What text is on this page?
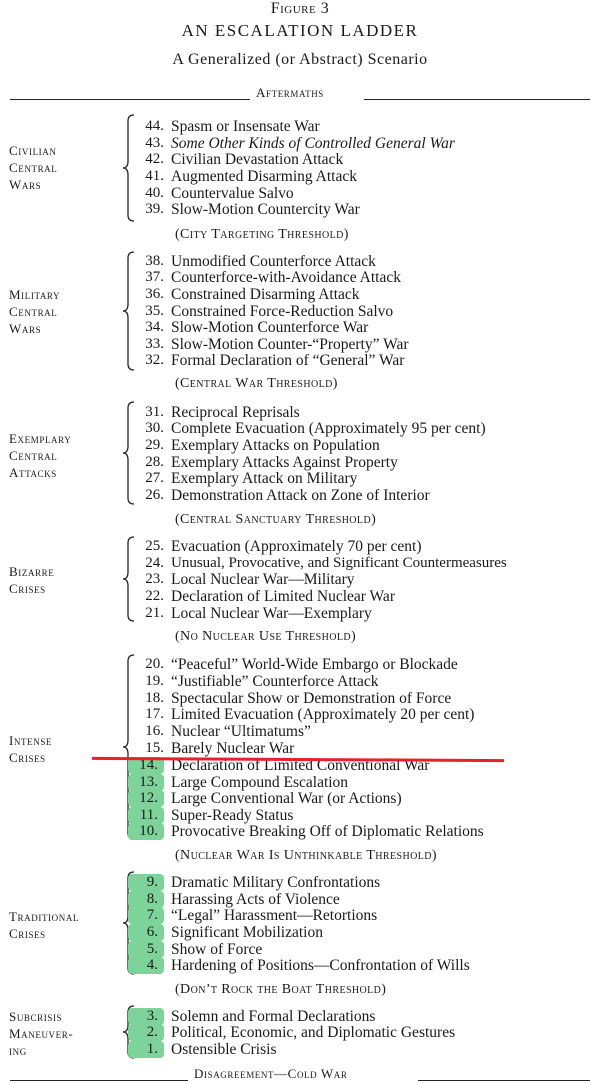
Figure 3
AN ESCALATION LADDER
A Generalized (or Abstract) Scenario
Aftermaths
Civilian
Central
Wars
Military
Central
Wars
Exemplary
Central
Attacks
Bizarre
Crises
Intense
Crises
Traditional
Crises
Subcrisis
Maneuver-
ing
(City Targeting Threshold)
(Central War Threshold)
(Central Sanctuary Threshold)
(No Nuclear Use Threshold)
(Nuclear War Is Unthinkable Threshold)
(Don’t Rock the Boat Threshold)
44. Spasm or Insensate War
43. Some Other Kinds of Controlled General War
42. Civilian Devastation Attack
41. Augmented Disarming Attack
40. Countervalue Salvo
39. Slow-Motion Countercity War
38. Unmodified Counterforce Attack
37. Counterforce-with-Avoidance Attack
36. Constrained Disarming Attack
35. Constrained Force-Reduction Salvo
34. Slow-Motion Counterforce War
33. Slow-Motion Counter-“Property” War
32. Formal Declaration of “General” War
31. Reciprocal Reprisals
30. Complete Evacuation (Approximately 95 per cent)
29. Exemplary Attacks on Population
28. Exemplary Attacks Against Property
27. Exemplary Attack on Military
26. Demonstration Attack on Zone of Interior
25. Evacuation (Approximately 70 per cent)
24. Unusual, Provocative, and Significant Countermeasures
23. Local Nuclear War—Military
22. Declaration of Limited Nuclear War
21. Local Nuclear War—Exemplary
20. “Peaceful” World-Wide Embargo or Blockade
19. “Justifiable” Counterforce Attack
18. Spectacular Show or Demonstration of Force
17. Limited Evacuation (Approximately 20 per cent)
16. Nuclear “Ultimatums”
15. Barely Nuclear War
14. Declaration of Limited Conventional War
13. Large Compound Escalation
12. Large Conventional War (or Actions)
11. Super-Ready Status
10. Provocative Breaking Off of Diplomatic Relations
9. Dramatic Military Confrontations
8. Harassing Acts of Violence
7. “Legal” Harassment—Retortions
6. Significant Mobilization
5. Show of Force
4. Hardening of Positions—Confrontation of Wills
3. Solemn and Formal Declarations
2. Political, Economic, and Diplomatic Gestures
1. Ostensible Crisis
Disagreement—Cold War
